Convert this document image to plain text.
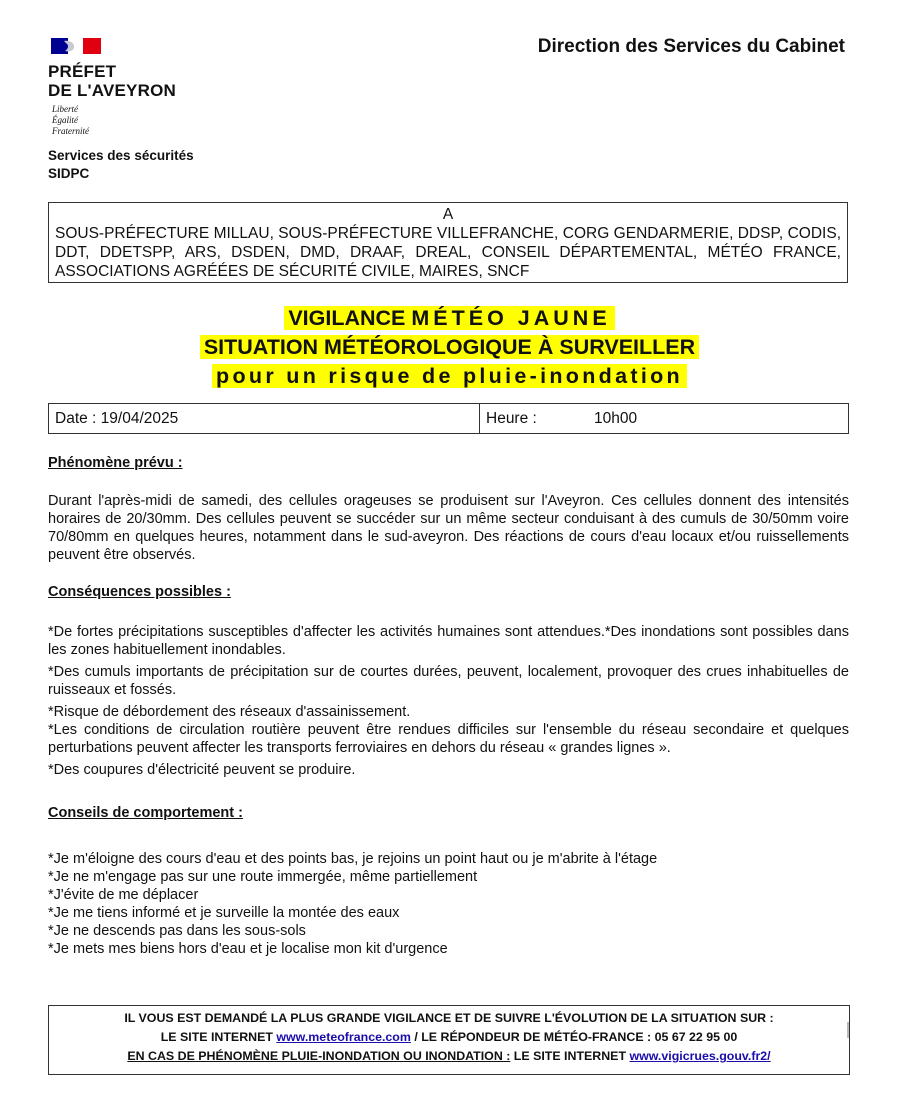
PRÉFET
DE L'AVEYRON
Liberté
Égalité
Fraternité
Services des sécurités
SIDPC
Direction des Services du Cabinet
A
SOUS-PRÉFECTURE MILLAU, SOUS-PRÉFECTURE VILLEFRANCHE, CORG GENDARMERIE, DDSP, CODIS, DDT, DDETSPP, ARS, DSDEN, DMD, DRAAF, DREAL, CONSEIL DÉPARTEMENTAL, MÉTÉO FRANCE, ASSOCIATIONS AGRÉÉES DE SÉCURITÉ CIVILE, MAIRES, SNCF
VIGILANCE MÉTÉO JAUNE
SITUATION MÉTÉOROLOGIQUE À SURVEILLER
pour un risque de pluie-inondation
Date : 19/04/2025	Heure :	10h00
Phénomène prévu :
Durant l'après-midi de samedi, des cellules orageuses se produisent sur l'Aveyron. Ces cellules donnent des intensités horaires de 20/30mm. Des cellules peuvent se succéder sur un même secteur conduisant à des cumuls de 30/50mm voire 70/80mm en quelques heures, notamment dans le sud-aveyron. Des réactions de cours d'eau locaux et/ou ruissellements peuvent être observés.
Conséquences possibles :

*De fortes précipitations susceptibles d'affecter les activités humaines sont attendues.*Des inondations sont possibles dans les zones habituellement inondables.

*Des cumuls importants de précipitation sur de courtes durées, peuvent, localement, provoquer des crues inhabituelles de ruisseaux et fossés.

*Risque de débordement des réseaux d'assainissement.

*Les conditions de circulation routière peuvent être rendues difficiles sur l'ensemble du réseau secondaire et quelques perturbations peuvent affecter les transports ferroviaires en dehors du réseau « grandes lignes ».

*Des coupures d'électricité peuvent se produire.

Conseils de comportement :

*Je m'éloigne des cours d'eau et des points bas, je rejoins un point haut ou je m'abrite à l'étage

*Je ne m'engage pas sur une route immergée, même partiellement

*J'évite de me déplacer

*Je me tiens informé et je surveille la montée des eaux

*Je ne descends pas dans les sous-sols

*Je mets mes biens hors d'eau et je localise mon kit d'urgence

IL VOUS EST DEMANDÉ LA PLUS GRANDE VIGILANCE ET DE SUIVRE L'ÉVOLUTION DE LA SITUATION SUR :
LE SITE INTERNET www.meteofrance.com / LE RÉPONDEUR DE MÉTÉO-FRANCE : 05 67 22 95 00
EN CAS DE PHÉNOMÈNE PLUIE-INONDATION OU INONDATION : LE SITE INTERNET www.vigicrues.gouv.fr2/
